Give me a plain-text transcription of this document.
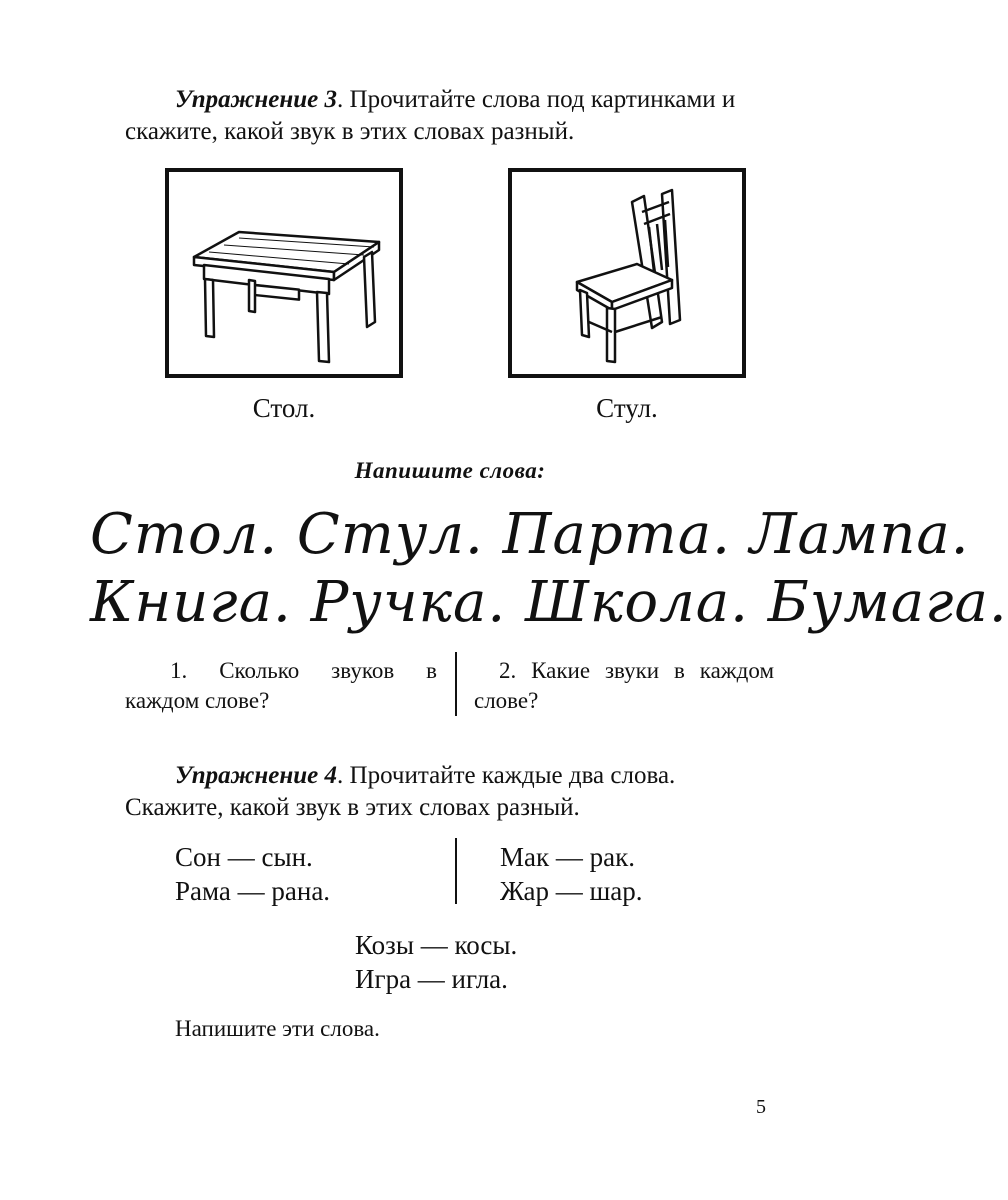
Упражнение 3. Прочитайте слова под картинками и скажите, какой звук в этих словах разный.
Стол.	Стул.
Напишите слова:
Стол. Стул. Парта. Лампа.
Книга. Ручка. Школа. Бумага.
1. Сколько звуков в каждом слове?
2. Какие звуки в каждом слове?
Упражнение 4. Прочитайте каждые два слова. Скажите, какой звук в этих словах разный.
Сон — сын.
Рама — рана.
Мак — рак.
Жар — шар.
Козы — косы.
Игра — игла.
Напишите эти слова.
5
